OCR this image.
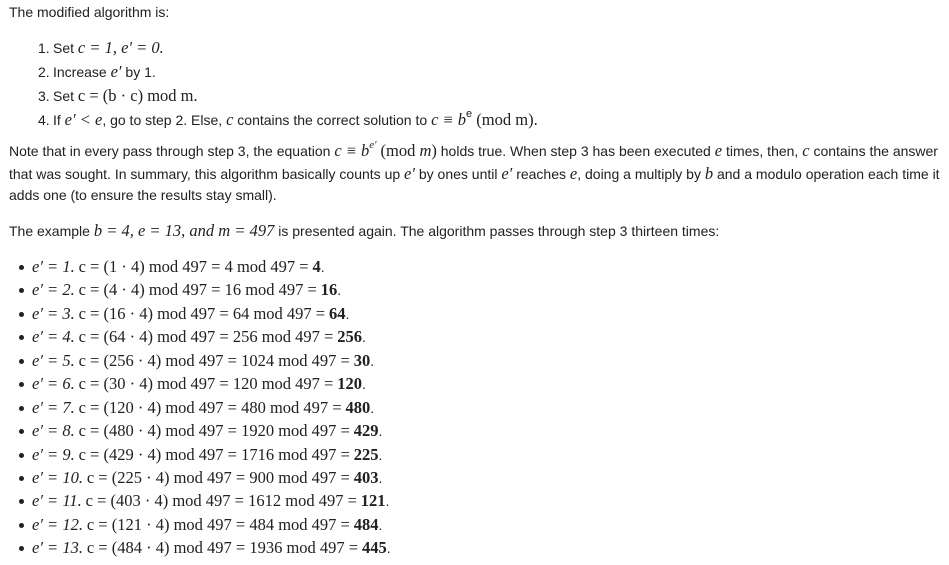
The modified algorithm is:

1. Set c = 1, e′ = 0.
2. Increase e′ by 1.
3. Set c = (b · c) mod m.
4. If e′ < e, go to step 2. Else, c contains the correct solution to $c \equiv b^e$ (mod m).

Note that in every pass through step 3, the equation $c \equiv b^{e'}$ (mod m) holds true. When step 3 has been executed e times, then, c contains the answer that was sought. In summary, this algorithm basically counts up e′ by ones until e′ reaches e, doing a multiply by b and a modulo operation each time it adds one (to ensure the results stay small).

The example b = 4, e = 13, and m = 497 is presented again. The algorithm passes through step 3 thirteen times:

e′ = 1. c = (1 · 4) mod 497 = 4 mod 497 = 4.
e′ = 2. c = (4 · 4) mod 497 = 16 mod 497 = 16.
e′ = 3. c = (16 · 4) mod 497 = 64 mod 497 = 64.
e′ = 4. c = (64 · 4) mod 497 = 256 mod 497 = 256.
e′ = 5. c = (256 · 4) mod 497 = 1024 mod 497 = 30.
e′ = 6. c = (30 · 4) mod 497 = 120 mod 497 = 120.
e′ = 7. c = (120 · 4) mod 497 = 480 mod 497 = 480.
e′ = 8. c = (480 · 4) mod 497 = 1920 mod 497 = 429.
e′ = 9. c = (429 · 4) mod 497 = 1716 mod 497 = 225.
e′ = 10. c = (225 · 4) mod 497 = 900 mod 497 = 403.
e′ = 11. c = (403 · 4) mod 497 = 1612 mod 497 = 121.
e′ = 12. c = (121 · 4) mod 497 = 484 mod 497 = 484.
e′ = 13. c = (484 · 4) mod 497 = 1936 mod 497 = 445.
